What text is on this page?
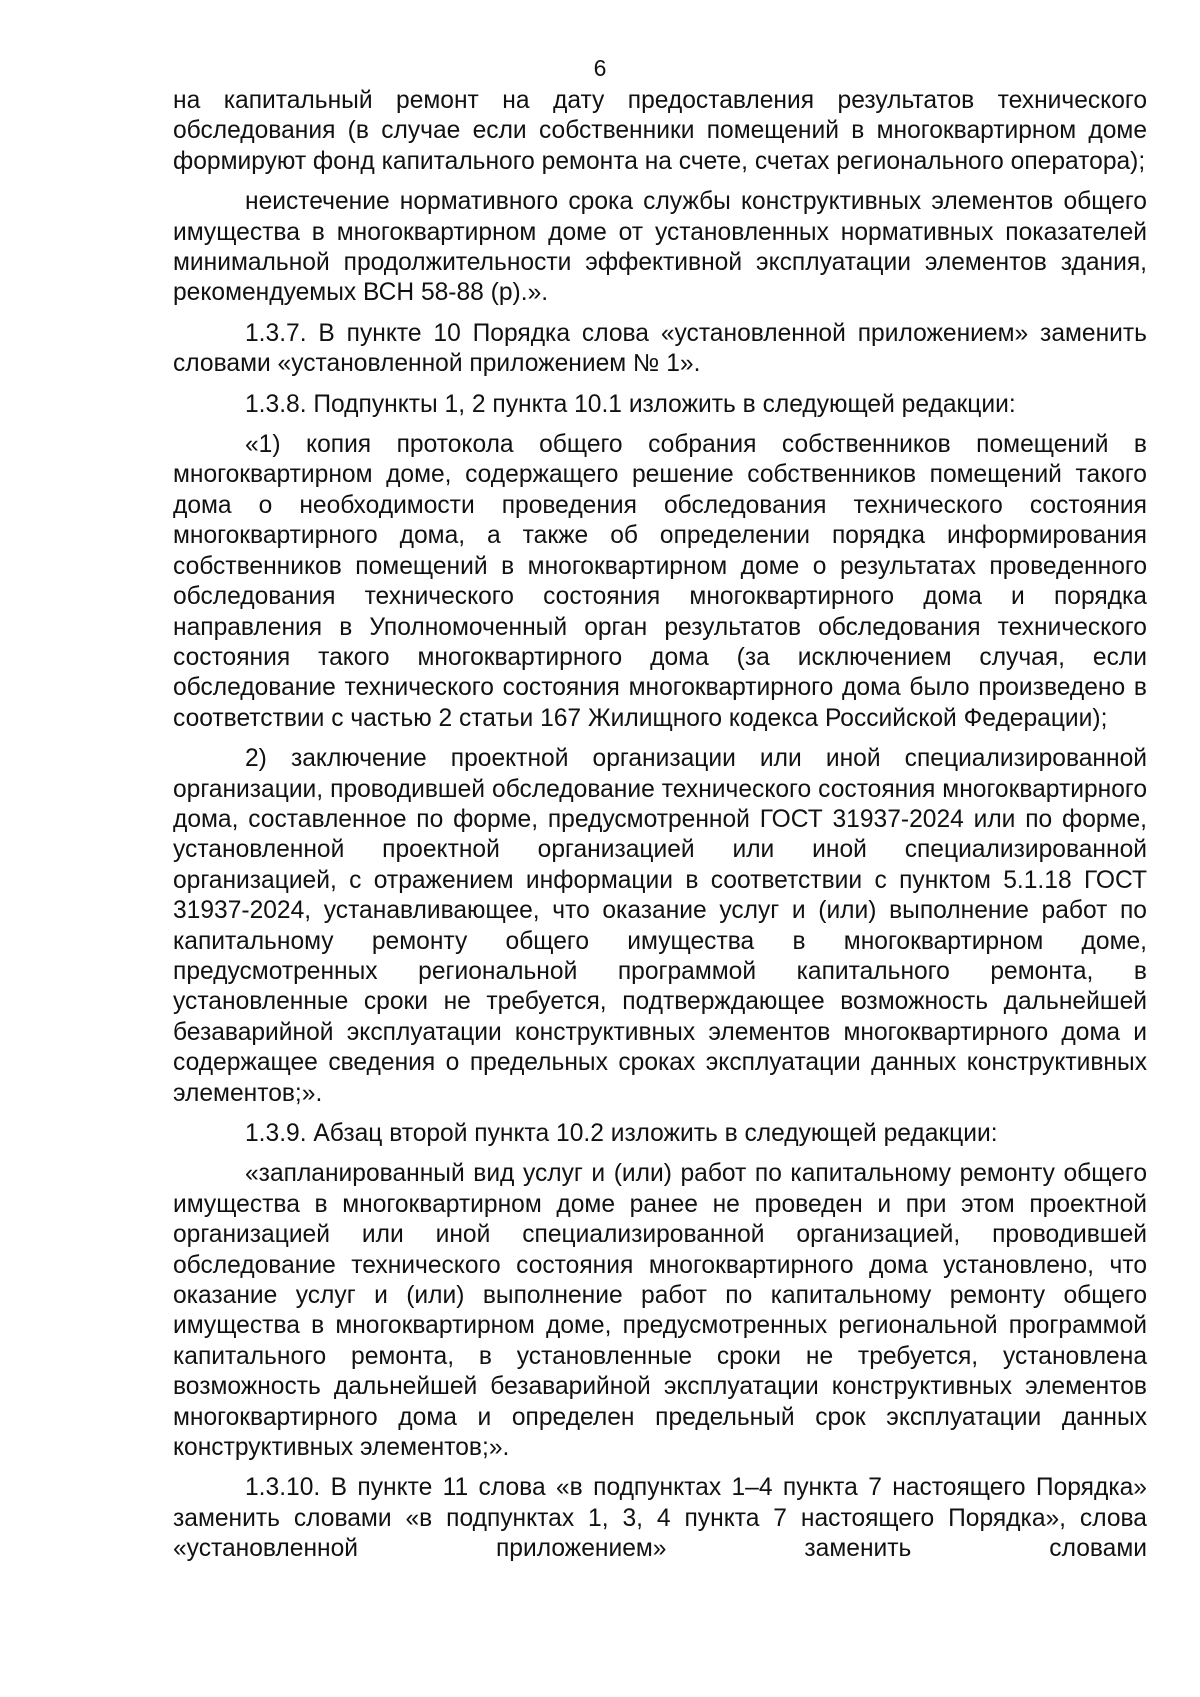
6

на капитальный ремонт на дату предоставления результатов технического обследования (в случае если собственники помещений в многоквартирном доме формируют фонд капитального ремонта на счете, счетах регионального оператора);

неистечение нормативного срока службы конструктивных элементов общего имущества в многоквартирном доме от установленных нормативных показателей минимальной продолжительности эффективной эксплуатации элементов здания, рекомендуемых ВСН 58-88 (р).».

1.3.7. В пункте 10 Порядка слова «установленной приложением» заменить словами «установленной приложением № 1».

1.3.8. Подпункты 1, 2 пункта 10.1 изложить в следующей редакции:

«1) копия протокола общего собрания собственников помещений в многоквартирном доме, содержащего решение собственников помещений такого дома о необходимости проведения обследования технического состояния многоквартирного дома, а также об определении порядка информирования собственников помещений в многоквартирном доме о результатах проведенного обследования технического состояния многоквартирного дома и порядка направления в Уполномоченный орган результатов обследования технического состояния такого многоквартирного дома (за исключением случая, если обследование технического состояния многоквартирного дома было произведено в соответствии с частью 2 статьи 167 Жилищного кодекса Российской Федерации);

2) заключение проектной организации или иной специализированной организации, проводившей обследование технического состояния многоквартирного дома, составленное по форме, предусмотренной ГОСТ 31937-2024 или по форме, установленной проектной организацией или иной специализированной организацией, с отражением информации в соответствии с пунктом 5.1.18 ГОСТ 31937-2024, устанавливающее, что оказание услуг и (или) выполнение работ по капитальному ремонту общего имущества в многоквартирном доме, предусмотренных региональной программой капитального ремонта, в установленные сроки не требуется, подтверждающее возможность дальнейшей безаварийной эксплуатации конструктивных элементов многоквартирного дома и содержащее сведения о предельных сроках эксплуатации данных конструктивных элементов;».

1.3.9. Абзац второй пункта 10.2 изложить в следующей редакции:

«запланированный вид услуг и (или) работ по капитальному ремонту общего имущества в многоквартирном доме ранее не проведен и при этом проектной организацией или иной специализированной организацией, проводившей обследование технического состояния многоквартирного дома установлено, что оказание услуг и (или) выполнение работ по капитальному ремонту общего имущества в многоквартирном доме, предусмотренных региональной программой капитального ремонта, в установленные сроки не требуется, установлена возможность дальнейшей безаварийной эксплуатации конструктивных элементов многоквартирного дома и определен предельный срок эксплуатации данных конструктивных элементов;».

1.3.10. В пункте 11 слова «в подпунктах 1–4 пункта 7 настоящего Порядка» заменить словами «в подпунктах 1, 3, 4 пункта 7 настоящего Порядка», слова «установленной приложением» заменить словами
